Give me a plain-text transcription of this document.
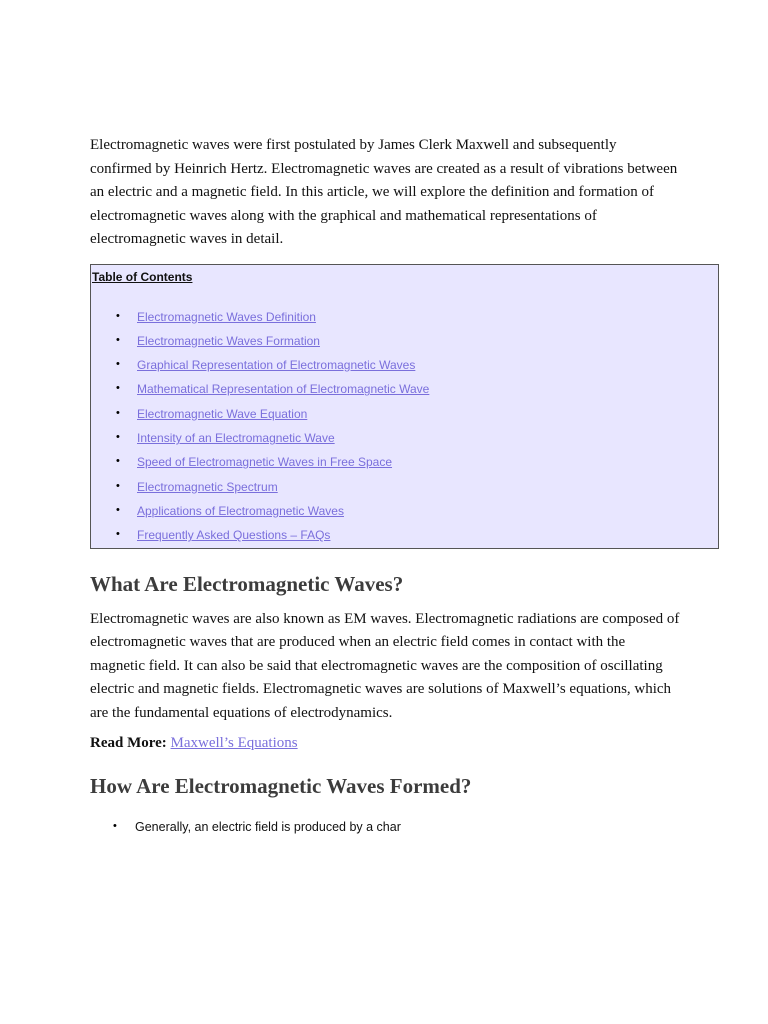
Electromagnetic waves were first postulated by James Clerk Maxwell and subsequently confirmed by Heinrich Hertz. Electromagnetic waves are created as a result of vibrations between an electric and a magnetic field. In this article, we will explore the definition and formation of electromagnetic waves along with the graphical and mathematical representations of electromagnetic waves in detail.

Table of Contents

• Electromagnetic Waves Definition
• Electromagnetic Waves Formation
• Graphical Representation of Electromagnetic Waves
• Mathematical Representation of Electromagnetic Wave
• Electromagnetic Wave Equation
• Intensity of an Electromagnetic Wave
• Speed of Electromagnetic Waves in Free Space
• Electromagnetic Spectrum
• Applications of Electromagnetic Waves
• Frequently Asked Questions – FAQs
What Are Electromagnetic Waves?

Electromagnetic waves are also known as EM waves. Electromagnetic radiations are composed of electromagnetic waves that are produced when an electric field comes in contact with the magnetic field. It can also be said that electromagnetic waves are the composition of oscillating electric and magnetic fields. Electromagnetic waves are solutions of Maxwell’s equations, which are the fundamental equations of electrodynamics.

Read More: Maxwell’s Equations

How Are Electromagnetic Waves Formed?
• Generally, an electric field is produced by a char
